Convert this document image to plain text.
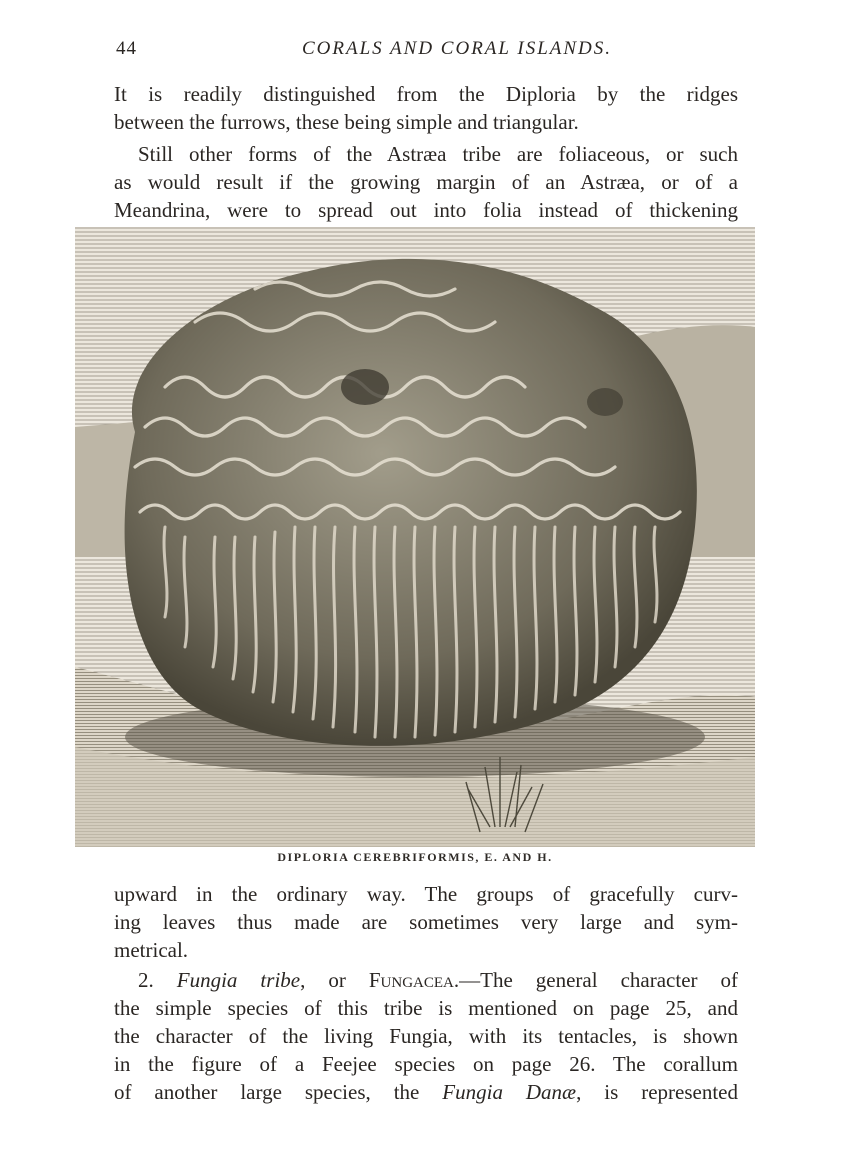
44	CORALS AND CORAL ISLANDS.

It is readily distinguished from the Diploria by the ridges
between the furrows, these being simple and triangular.

Still other forms of the Astræa tribe are foliaceous, or such
as would result if the growing margin of an Astræa, or of a
Meandrina, were to spread out into folia instead of thickening

DIPLORIA CEREBRIFORMIS, E. AND H.

upward in the ordinary way. The groups of gracefully curv-
ing leaves thus made are sometimes very large and sym-
metrical.

2. Fungia tribe, or Fungacea.—The general character of
the simple species of this tribe is mentioned on page 25, and
the character of the living Fungia, with its tentacles, is shown
in the figure of a Feejee species on page 26. The corallum
of another large species, the Fungia Danæ, is represented
